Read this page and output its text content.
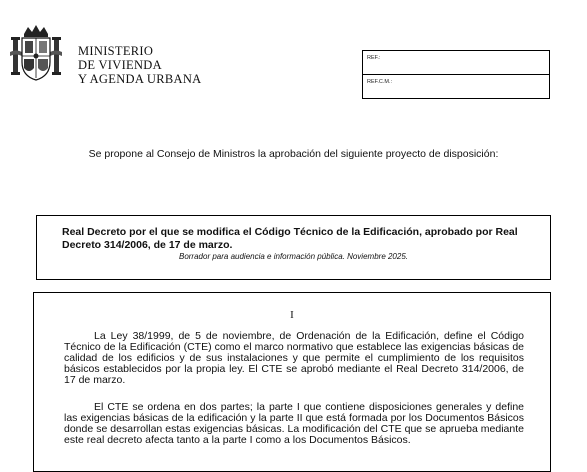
MINISTERIO
DE VIVIENDA
Y AGENDA URBANA
REF.:
REF.C.M.:
Se propone al Consejo de Ministros la aprobación del siguiente proyecto de disposición:
Real Decreto por el que se modifica el Código Técnico de la Edificación, aprobado por Real Decreto 314/2006, de 17 de marzo.
Borrador para audiencia e información pública. Noviembre 2025.
I
La Ley 38/1999, de 5 de noviembre, de Ordenación de la Edificación, define el Código Técnico de la Edificación (CTE) como el marco normativo que establece las exigencias básicas de calidad de los edificios y de sus instalaciones y que permite el cumplimiento de los requisitos básicos establecidos por la propia ley. El CTE se aprobó mediante el Real Decreto 314/2006, de 17 de marzo.
El CTE se ordena en dos partes; la parte I que contiene disposiciones generales y define las exigencias básicas de la edificación y la parte II que está formada por los Documentos Básicos donde se desarrollan estas exigencias básicas. La modificación del CTE que se aprueba mediante este real decreto afecta tanto a la parte I como a los Documentos Básicos.
